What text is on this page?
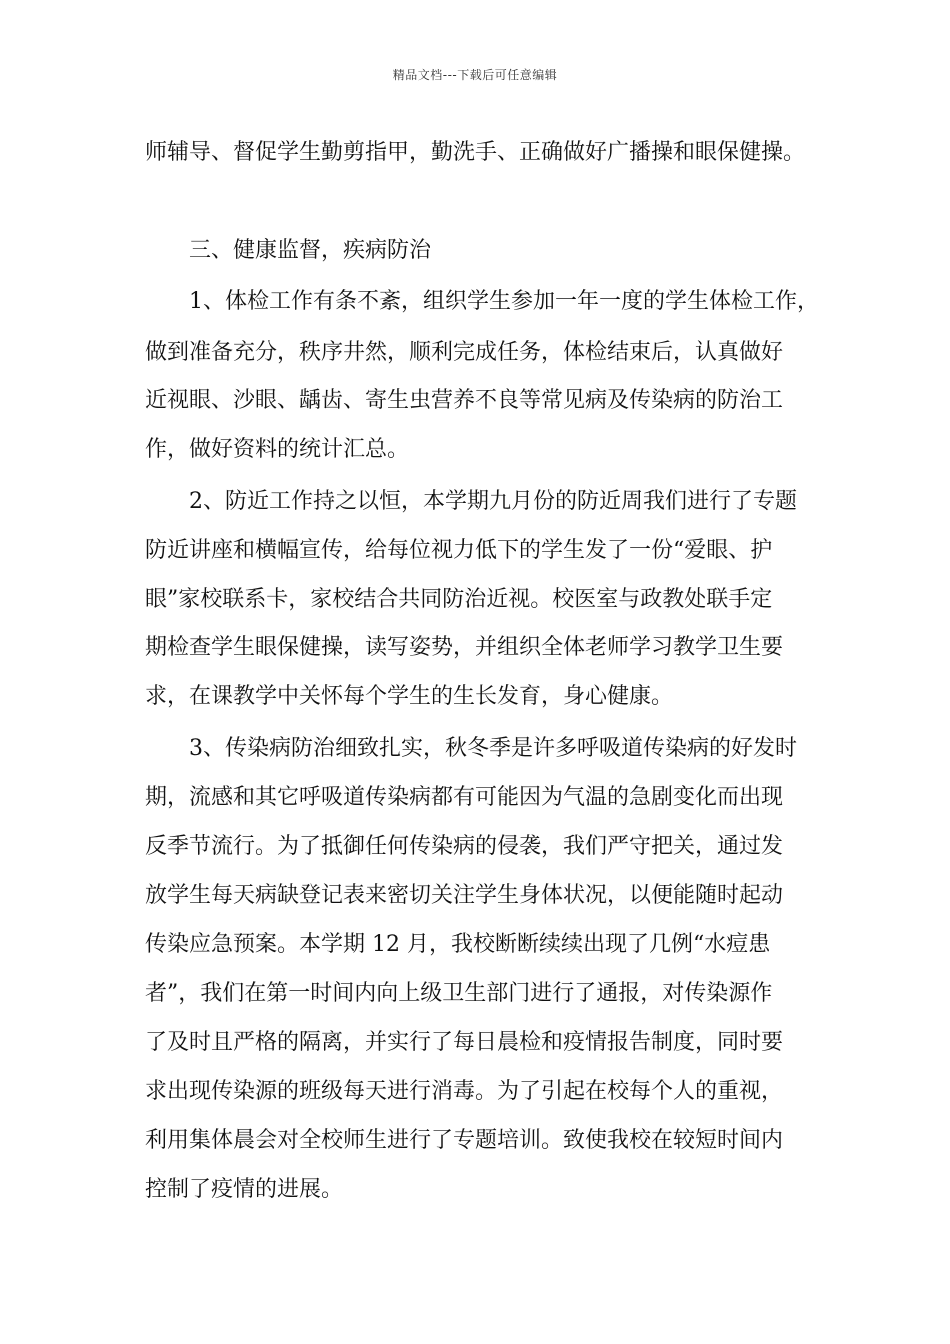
精品文档---下载后可任意编辑
师辅导、督促学生勤剪指甲，勤洗手、正确做好广播操和眼保健操。
三、健康监督，疾病防治
1、体检工作有条不紊，组织学生参加一年一度的学生体检工作，
做到准备充分，秩序井然，顺利完成任务，体检结束后，认真做好
近视眼、沙眼、龋齿、寄生虫营养不良等常见病及传染病的防治工
作，做好资料的统计汇总。
2、防近工作持之以恒，本学期九月份的防近周我们进行了专题
防近讲座和横幅宣传，给每位视力低下的学生发了一份“爱眼、护
眼”家校联系卡，家校结合共同防治近视。校医室与政教处联手定
期检查学生眼保健操，读写姿势，并组织全体老师学习教学卫生要
求，在课教学中关怀每个学生的生长发育，身心健康。
3、传染病防治细致扎实，秋冬季是许多呼吸道传染病的好发时
期，流感和其它呼吸道传染病都有可能因为气温的急剧变化而出现
反季节流行。为了抵御任何传染病的侵袭，我们严守把关，通过发
放学生每天病缺登记表来密切关注学生身体状况，以便能随时起动
传染应急预案。本学期 12 月，我校断断续续出现了几例“水痘患
者”，我们在第一时间内向上级卫生部门进行了通报，对传染源作
了及时且严格的隔离，并实行了每日晨检和疫情报告制度，同时要
求出现传染源的班级每天进行消毒。为了引起在校每个人的重视，
利用集体晨会对全校师生进行了专题培训。致使我校在较短时间内
控制了疫情的进展。
